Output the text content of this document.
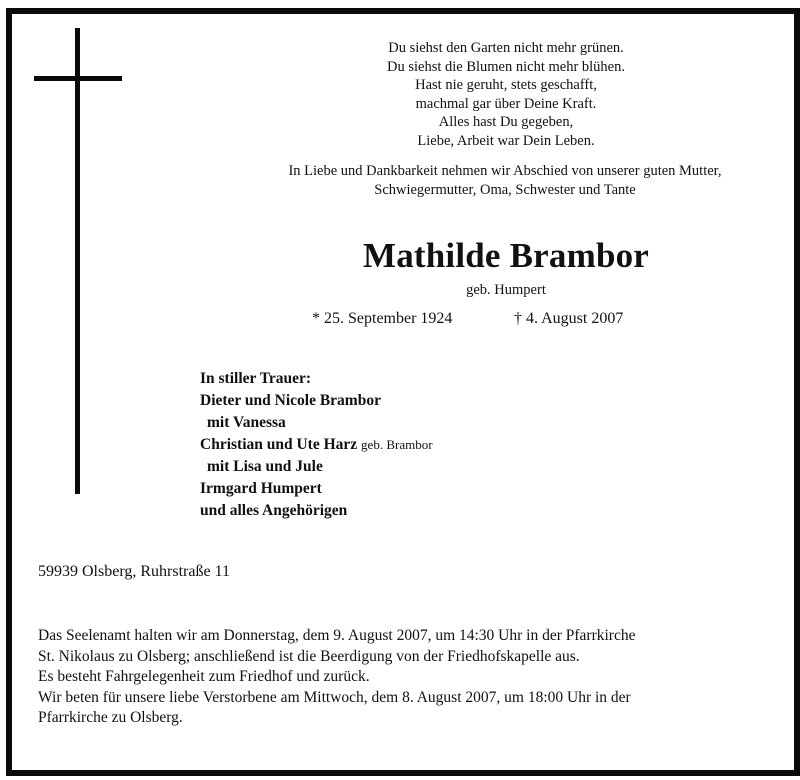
Du siehst den Garten nicht mehr grünen.
Du siehst die Blumen nicht mehr blühen.
Hast nie geruht, stets geschafft,
machmal gar über Deine Kraft.
Alles hast Du gegeben,
Liebe, Arbeit war Dein Leben.
In Liebe und Dankbarkeit nehmen wir Abschied von unserer guten Mutter,
Schwiegermutter, Oma, Schwester und Tante
Mathilde Brambor
geb. Humpert
* 25. September 1924	† 4. August 2007
In stiller Trauer:
Dieter und Nicole Brambor
mit Vanessa
Christian und Ute Harz geb. Brambor
mit Lisa und Jule
Irmgard Humpert
und alles Angehörigen
59939 Olsberg, Ruhrstraße 11
Das Seelenamt halten wir am Donnerstag, dem 9. August 2007, um 14:30 Uhr in der Pfarrkirche
St. Nikolaus zu Olsberg; anschließend ist die Beerdigung von der Friedhofskapelle aus.
Es besteht Fahrgelegenheit zum Friedhof und zurück.
Wir beten für unsere liebe Verstorbene am Mittwoch, dem 8. August 2007, um 18:00 Uhr in der
Pfarrkirche zu Olsberg.
